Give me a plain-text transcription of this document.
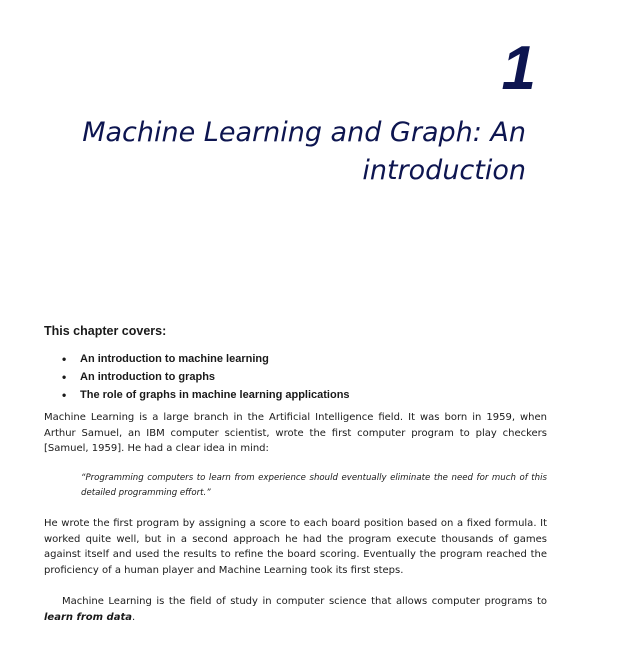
1
Machine Learning and Graph: An introduction
This chapter covers:
• An introduction to machine learning
• An introduction to graphs
• The role of graphs in machine learning applications

Machine Learning is a large branch in the Artificial Intelligence field. It was born in 1959, when Arthur Samuel, an IBM computer scientist, wrote the first computer program to play checkers [Samuel, 1959]. He had a clear idea in mind:

“Programming computers to learn from experience should eventually eliminate the need for much of this detailed programming effort.”

He wrote the first program by assigning a score to each board position based on a fixed formula. It worked quite well, but in a second approach he had the program execute thousands of games against itself and used the results to refine the board scoring. Eventually the program reached the proficiency of a human player and Machine Learning took its first steps.

Machine Learning is the field of study in computer science that allows computer programs to learn from data.
